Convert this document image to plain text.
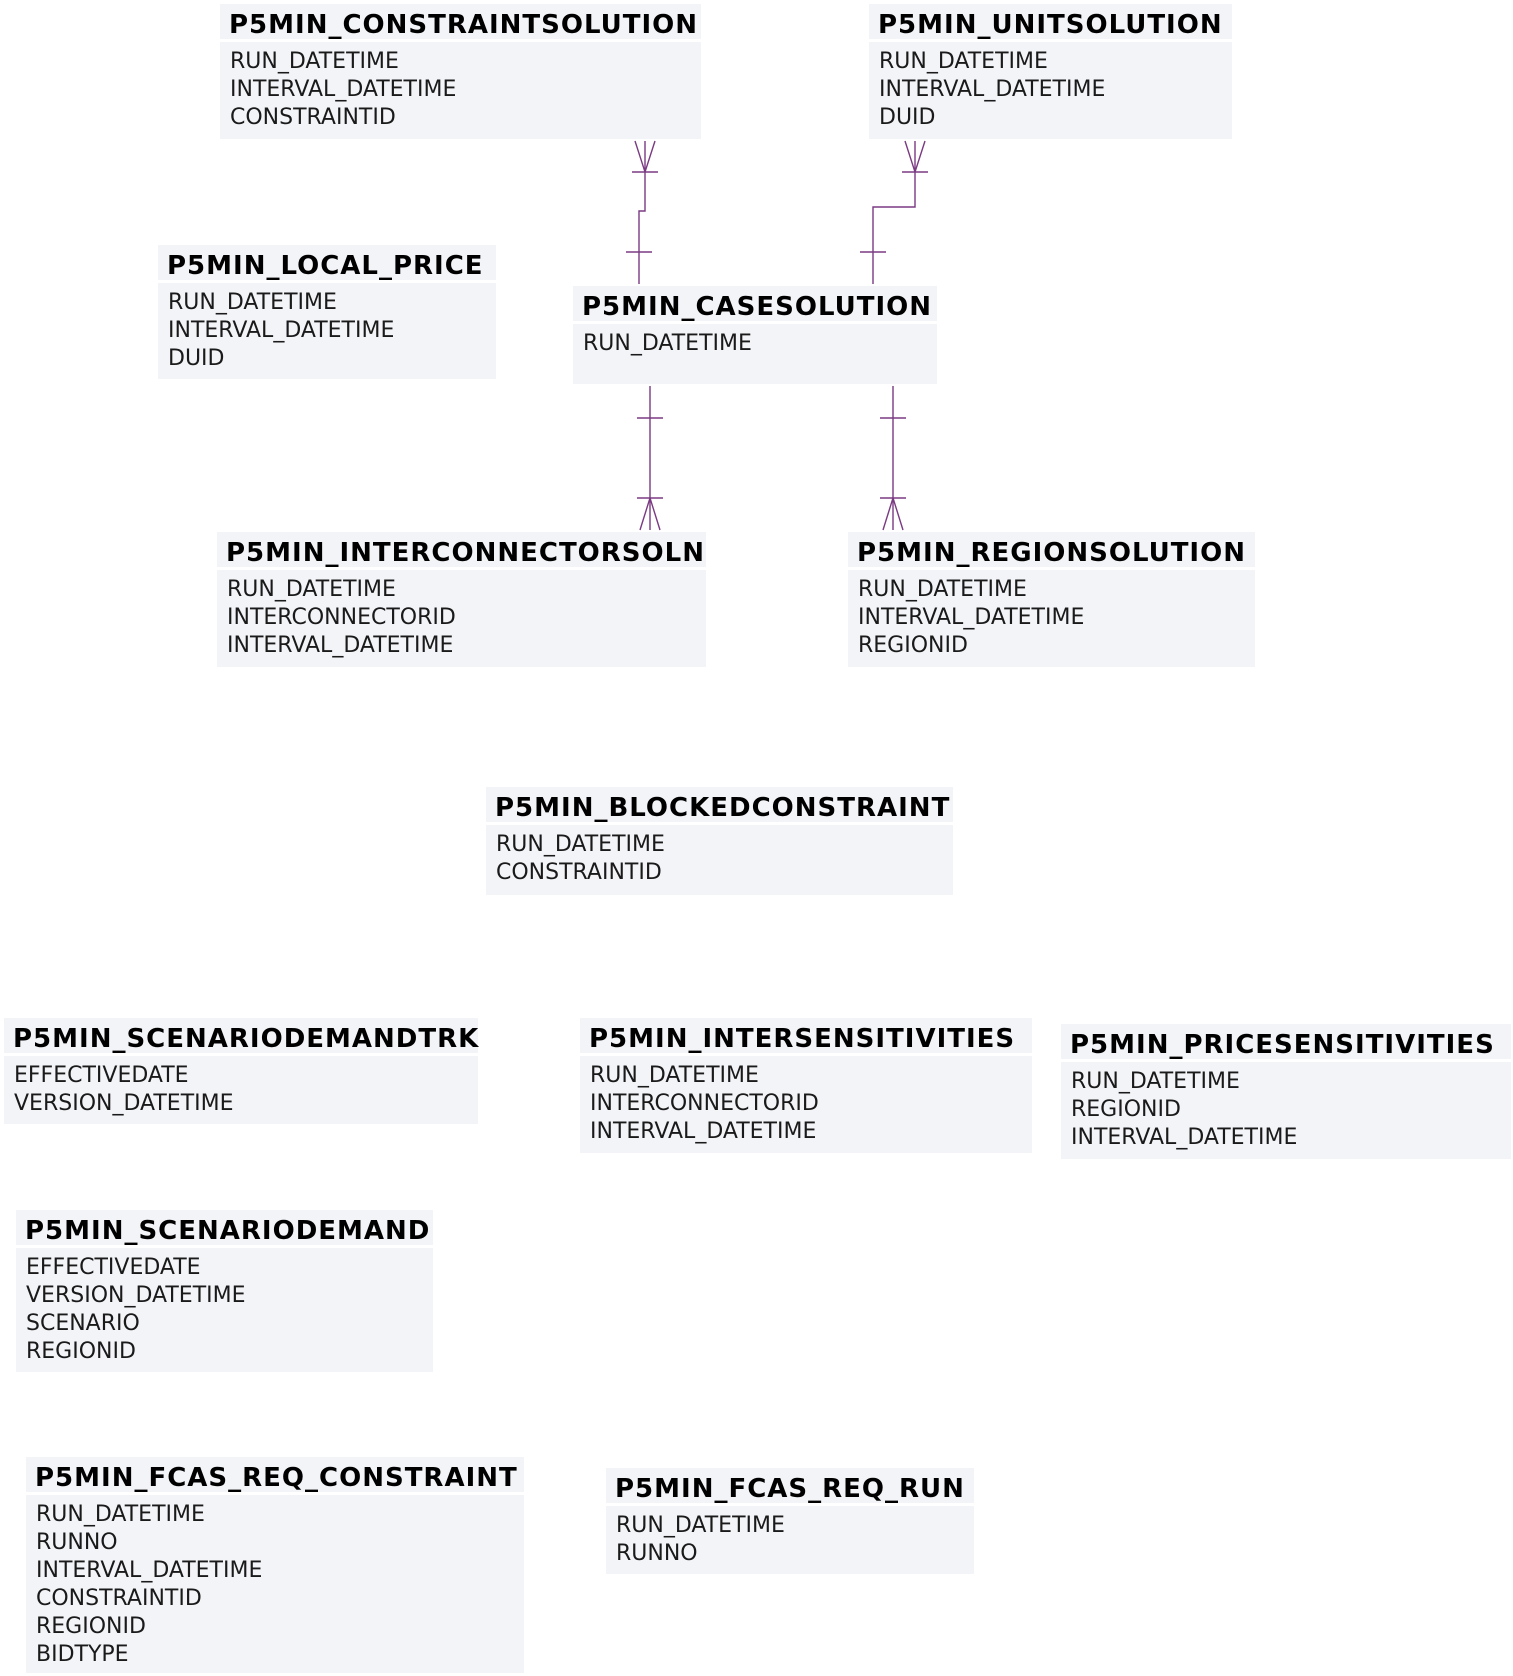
P5MIN_CONSTRAINTSOLUTION
RUN_DATETIME
INTERVAL_DATETIME
CONSTRAINTID
P5MIN_UNITSOLUTION
RUN_DATETIME
INTERVAL_DATETIME
DUID
P5MIN_LOCAL_PRICE
RUN_DATETIME
INTERVAL_DATETIME
DUID
P5MIN_CASESOLUTION
RUN_DATETIME
P5MIN_INTERCONNECTORSOLN
RUN_DATETIME
INTERCONNECTORID
INTERVAL_DATETIME
P5MIN_REGIONSOLUTION
RUN_DATETIME
INTERVAL_DATETIME
REGIONID
P5MIN_BLOCKEDCONSTRAINT
RUN_DATETIME
CONSTRAINTID
P5MIN_SCENARIODEMANDTRK
EFFECTIVEDATE
VERSION_DATETIME
P5MIN_INTERSENSITIVITIES
RUN_DATETIME
INTERCONNECTORID
INTERVAL_DATETIME
P5MIN_PRICESENSITIVITIES
RUN_DATETIME
REGIONID
INTERVAL_DATETIME
P5MIN_SCENARIODEMAND
EFFECTIVEDATE
VERSION_DATETIME
SCENARIO
REGIONID
P5MIN_FCAS_REQ_CONSTRAINT
RUN_DATETIME
RUNNO
INTERVAL_DATETIME
CONSTRAINTID
REGIONID
BIDTYPE
P5MIN_FCAS_REQ_RUN
RUN_DATETIME
RUNNO
